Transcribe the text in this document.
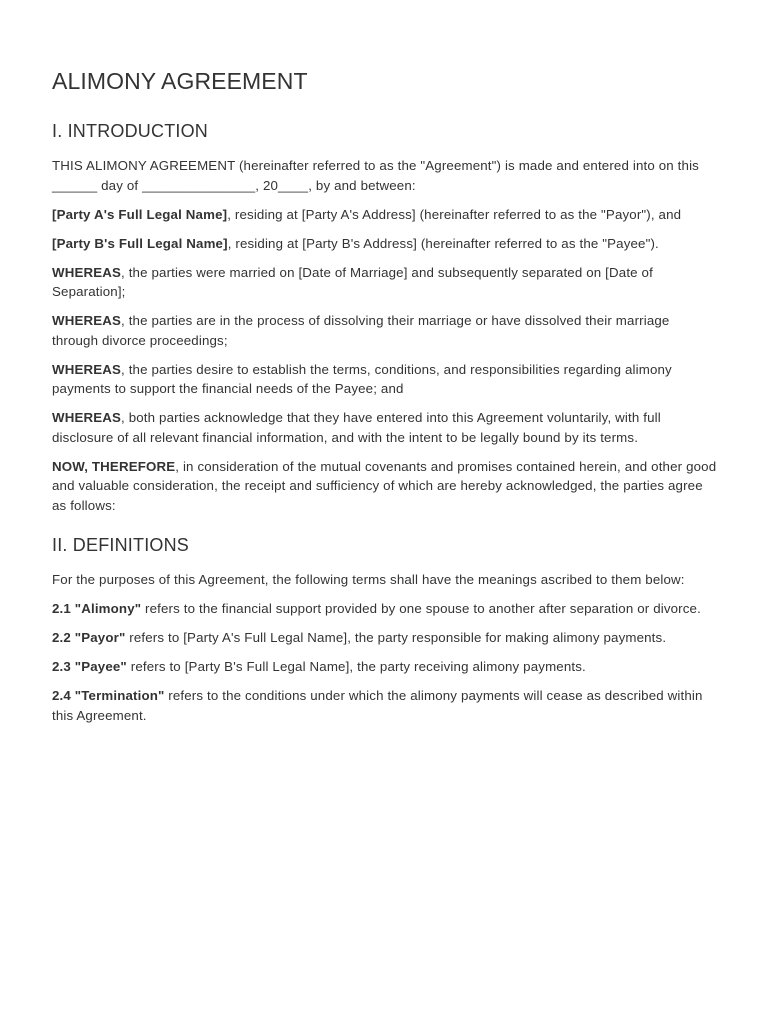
ALIMONY AGREEMENT
I. INTRODUCTION

THIS ALIMONY AGREEMENT (hereinafter referred to as the "Agreement") is made and entered into on this ______ day of _______________, 20____, by and between:

[Party A's Full Legal Name], residing at [Party A's Address] (hereinafter referred to as the "Payor"), and

[Party B's Full Legal Name], residing at [Party B's Address] (hereinafter referred to as the "Payee").

WHEREAS, the parties were married on [Date of Marriage] and subsequently separated on [Date of Separation];

WHEREAS, the parties are in the process of dissolving their marriage or have dissolved their marriage through divorce proceedings;

WHEREAS, the parties desire to establish the terms, conditions, and responsibilities regarding alimony payments to support the financial needs of the Payee; and

WHEREAS, both parties acknowledge that they have entered into this Agreement voluntarily, with full disclosure of all relevant financial information, and with the intent to be legally bound by its terms.

NOW, THEREFORE, in consideration of the mutual covenants and promises contained herein, and other good and valuable consideration, the receipt and sufficiency of which are hereby acknowledged, the parties agree as follows:

II. DEFINITIONS

For the purposes of this Agreement, the following terms shall have the meanings ascribed to them below:

2.1 "Alimony" refers to the financial support provided by one spouse to another after separation or divorce.

2.2 "Payor" refers to [Party A's Full Legal Name], the party responsible for making alimony payments.

2.3 "Payee" refers to [Party B's Full Legal Name], the party receiving alimony payments.

2.4 "Termination" refers to the conditions under which the alimony payments will cease as described within this Agreement.
